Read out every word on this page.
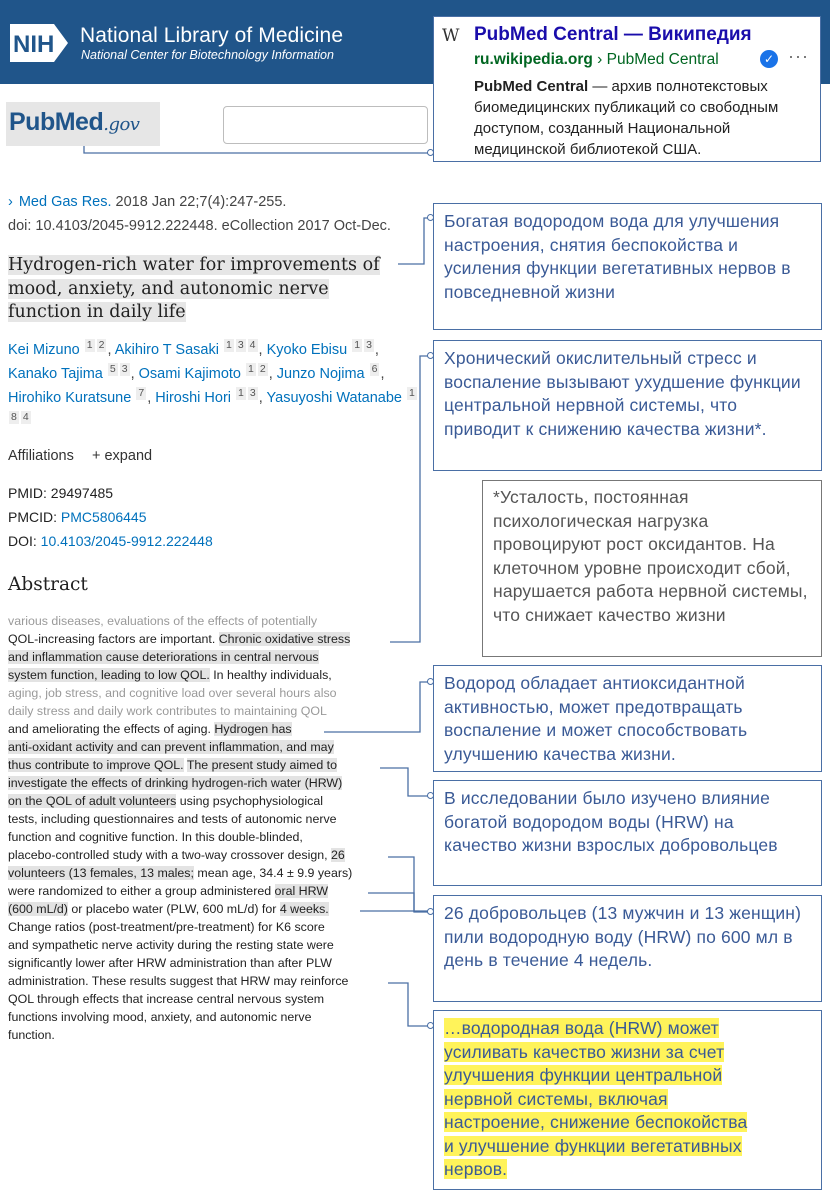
NIH National Library of Medicine
National Center for Biotechnology Information
PubMed.gov
W PubMed Central — Википедия
ru.wikipedia.org › PubMed Central	✓ ···
PubMed Central — архив полнотекстовых биомедицинских публикаций со свободным доступом, созданный Национальной медицинской библиотекой США.
› Med Gas Res. 2018 Jan 22;7(4):247-255.
doi: 10.4103/2045-9912.222448. eCollection 2017 Oct-Dec.
Hydrogen-rich water for improvements of
mood, anxiety, and autonomic nerve
function in daily life
Kei Mizuno 1 2 , Akihiro T Sasaki 1 3 4 , Kyoko Ebisu 1 3 , Kanako Tajima 5 3 , Osami Kajimoto 1 2 , Junzo Nojima 6 , Hirohiko Kuratsune 7 , Hiroshi Hori 1 3 , Yasuyoshi Watanabe 18 4
Affiliations + expand
PMID: 29497485
PMCID: PMC5806445
DOI: 10.4103/2045-9912.222448
Abstract
various diseases, evaluations of the effects of potentially
QOL-increasing factors are important. Chronic oxidative stress
and inflammation cause deteriorations in central nervous
system function, leading to low QOL. In healthy individuals,
aging, job stress, and cognitive load over several hours also
daily stress and daily work contributes to maintaining QOL
and ameliorating the effects of aging. Hydrogen has
anti-oxidant activity and can prevent inflammation, and may
thus contribute to improve QOL. The present study aimed to
investigate the effects of drinking hydrogen-rich water (HRW)
on the QOL of adult volunteers using psychophysiological
tests, including questionnaires and tests of autonomic nerve
function and cognitive function. In this double-blinded,
placebo-controlled study with a two-way crossover design, 26
volunteers (13 females, 13 males; mean age, 34.4 ± 9.9 years)
were randomized to either a group administered oral HRW
(600 mL/d) or placebo water (PLW, 600 mL/d) for 4 weeks.
Change ratios (post-treatment/pre-treatment) for K6 score
and sympathetic nerve activity during the resting state were
significantly lower after HRW administration than after PLW
administration. These results suggest that HRW may reinforce
QOL through effects that increase central nervous system
functions involving mood, anxiety, and autonomic nerve
function.
Богатая водородом вода для улучшения настроения, снятия беспокойства и усиления функции вегетативных нервов в повседневной жизни
Хронический окислительный стресс и воспаление вызывают ухудшение функции центральной нервной системы, что приводит к снижению качества жизни*.
*Усталость, постоянная психологическая нагрузка провоцируют рост оксидантов. На клеточном уровне происходит сбой, нарушается работа нервной системы, что снижает качество жизни
Водород обладает антиоксидантной активностью, может предотвращать воспаление и может способствовать улучшению качества жизни.
В исследовании было изучено влияние богатой водородом воды (HRW) на качество жизни взрослых добровольцев
26 добровольцев (13 мужчин и 13 женщин) пили водородную воду (HRW) по 600 мл в день в течение 4 недель.
…водородная вода (HRW) может
усиливать качество жизни за счет
улучшения функции центральной
нервной системы, включая
настроение, снижение беспокойства
и улучшение функции вегетативных
нервов.
